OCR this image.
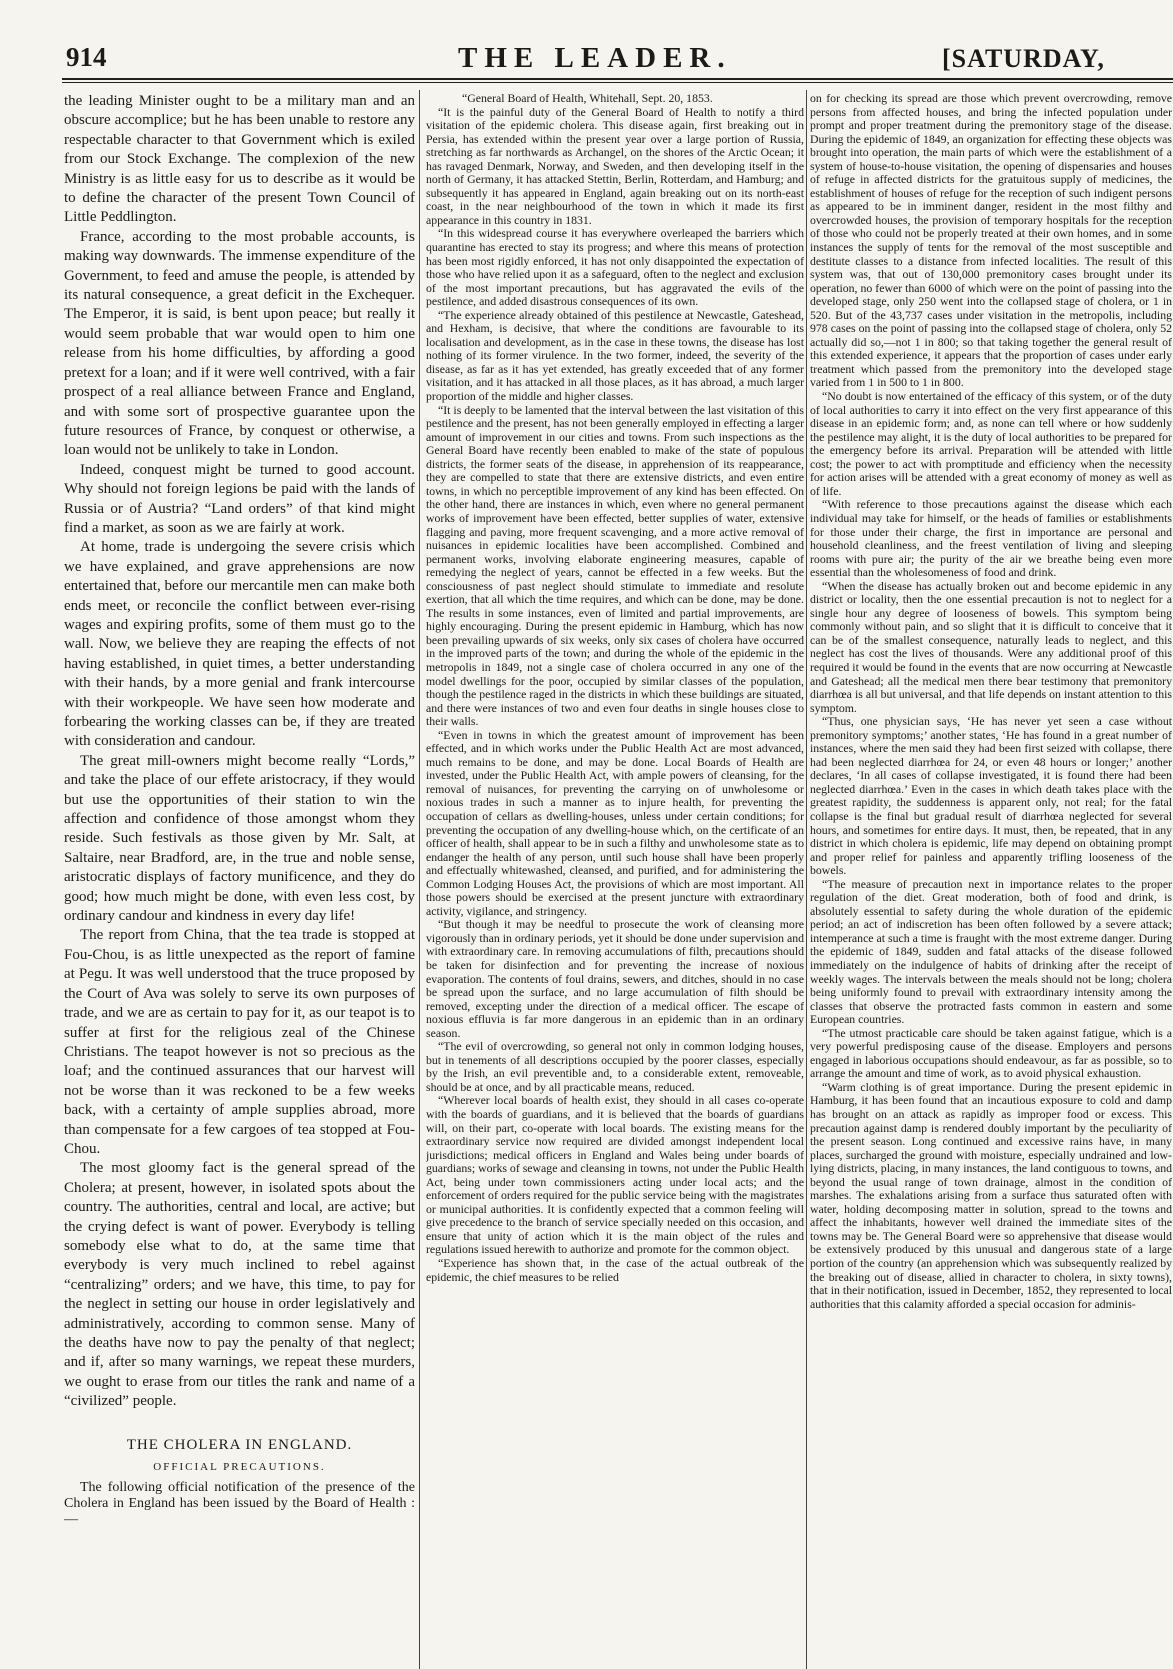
914	THE LEADER.	[SATURDAY,

the leading Minister ought to be a military man and an obscure accomplice; but he has been unable to restore any respectable character to that Government which is exiled from our Stock Exchange. The complexion of the new Ministry is as little easy for us to describe as it would be to define the character of the present Town Council of Little Peddlington.

France, according to the most probable accounts, is making way downwards. The immense expenditure of the Government, to feed and amuse the people, is attended by its natural consequence, a great deficit in the Exchequer. The Emperor, it is said, is bent upon peace; but really it would seem probable that war would open to him one release from his home difficulties, by affording a good pretext for a loan; and if it were well contrived, with a fair prospect of a real alliance between France and England, and with some sort of prospective guarantee upon the future resources of France, by conquest or otherwise, a loan would not be unlikely to take in London.

Indeed, conquest might be turned to good account. Why should not foreign legions be paid with the lands of Russia or of Austria? “Land orders” of that kind might find a market, as soon as we are fairly at work.

At home, trade is undergoing the severe crisis which we have explained, and grave apprehensions are now entertained that, before our mercantile men can make both ends meet, or reconcile the conflict between ever-rising wages and expiring profits, some of them must go to the wall. Now, we believe they are reaping the effects of not having established, in quiet times, a better understanding with their hands, by a more genial and frank intercourse with their workpeople. We have seen how moderate and forbearing the working classes can be, if they are treated with consideration and candour.

The great mill-owners might become really “Lords,” and take the place of our effete aristocracy, if they would but use the opportunities of their station to win the affection and confidence of those amongst whom they reside. Such festivals as those given by Mr. Salt, at Saltaire, near Bradford, are, in the true and noble sense, aristocratic displays of factory munificence, and they do good; how much might be done, with even less cost, by ordinary candour and kindness in every day life!

The report from China, that the tea trade is stopped at Fou-Chou, is as little unexpected as the report of famine at Pegu. It was well understood that the truce proposed by the Court of Ava was solely to serve its own purposes of trade, and we are as certain to pay for it, as our teapot is to suffer at first for the religious zeal of the Chinese Christians. The teapot however is not so precious as the loaf; and the continued assurances that our harvest will not be worse than it was reckoned to be a few weeks back, with a certainty of ample supplies abroad, more than compensate for a few cargoes of tea stopped at Fou-Chou.

The most gloomy fact is the general spread of the Cholera; at present, however, in isolated spots about the country. The authorities, central and local, are active; but the crying defect is want of power. Everybody is telling somebody else what to do, at the same time that everybody is very much inclined to rebel against “centralizing” orders; and we have, this time, to pay for the neglect in setting our house in order legislatively and administratively, according to common sense. Many of the deaths have now to pay the penalty of that neglect; and if, after so many warnings, we repeat these murders, we ought to erase from our titles the rank and name of a “civilized” people.

THE CHOLERA IN ENGLAND.

OFFICIAL PRECAUTIONS.

The following official notification of the presence of the Cholera in England has been issued by the Board of Health :—

“General Board of Health, Whitehall, Sept. 20, 1853.

“It is the painful duty of the General Board of Health to notify a third visitation of the epidemic cholera. This disease again, first breaking out in Persia, has extended within the present year over a large portion of Russia, stretching as far northwards as Archangel, on the shores of the Arctic Ocean; it has ravaged Denmark, Norway, and Sweden, and then developing itself in the north of Germany, it has attacked Stettin, Berlin, Rotterdam, and Hamburg; and subsequently it has appeared in England, again breaking out on its north-east coast, in the near neighbourhood of the town in which it made its first appearance in this country in 1831.

“In this widespread course it has everywhere overleaped the barriers which quarantine has erected to stay its progress; and where this means of protection has been most rigidly enforced, it has not only disappointed the expectation of those who have relied upon it as a safeguard, often to the neglect and exclusion of the most important precautions, but has aggravated the evils of the pestilence, and added disastrous consequences of its own.

“The experience already obtained of this pestilence at Newcastle, Gateshead, and Hexham, is decisive, that where the conditions are favourable to its localisation and development, as in the case in these towns, the disease has lost nothing of its former virulence. In the two former, indeed, the severity of the disease, as far as it has yet extended, has greatly exceeded that of any former visitation, and it has attacked in all those places, as it has abroad, a much larger proportion of the middle and higher classes.

“It is deeply to be lamented that the interval between the last visitation of this pestilence and the present, has not been generally employed in effecting a larger amount of improvement in our cities and towns. From such inspections as the General Board have recently been enabled to make of the state of populous districts, the former seats of the disease, in apprehension of its reappearance, they are compelled to state that there are extensive districts, and even entire towns, in which no perceptible improvement of any kind has been effected. On the other hand, there are instances in which, even where no general permanent works of improvement have been effected, better supplies of water, extensive flagging and paving, more frequent scavenging, and a more active removal of nuisances in epidemic localities have been accomplished. Combined and permanent works, involving elaborate engineering measures, capable of remedying the neglect of years, cannot be effected in a few weeks. But the consciousness of past neglect should stimulate to immediate and resolute exertion, that all which the time requires, and which can be done, may be done. The results in some instances, even of limited and partial improvements, are highly encouraging. During the present epidemic in Hamburg, which has now been prevailing upwards of six weeks, only six cases of cholera have occurred in the improved parts of the town; and during the whole of the epidemic in the metropolis in 1849, not a single case of cholera occurred in any one of the model dwellings for the poor, occupied by similar classes of the population, though the pestilence raged in the districts in which these buildings are situated, and there were instances of two and even four deaths in single houses close to their walls.

“Even in towns in which the greatest amount of improvement has been effected, and in which works under the Public Health Act are most advanced, much remains to be done, and may be done. Local Boards of Health are invested, under the Public Health Act, with ample powers of cleansing, for the removal of nuisances, for preventing the carrying on of unwholesome or noxious trades in such a manner as to injure health, for preventing the occupation of cellars as dwelling-houses, unless under certain conditions; for preventing the occupation of any dwelling-house which, on the certificate of an officer of health, shall appear to be in such a filthy and unwholesome state as to endanger the health of any person, until such house shall have been properly and effectually whitewashed, cleansed, and purified, and for administering the Common Lodging Houses Act, the provisions of which are most important. All those powers should be exercised at the present juncture with extraordinary activity, vigilance, and stringency.

“But though it may be needful to prosecute the work of cleansing more vigorously than in ordinary periods, yet it should be done under supervision and with extraordinary care. In removing accumulations of filth, precautions should be taken for disinfection and for preventing the increase of noxious evaporation. The contents of foul drains, sewers, and ditches, should in no case be spread upon the surface, and no large accumulation of filth should be removed, excepting under the direction of a medical officer. The escape of noxious effluvia is far more dangerous in an epidemic than in an ordinary season.

“The evil of overcrowding, so general not only in common lodging houses, but in tenements of all descriptions occupied by the poorer classes, especially by the Irish, an evil preventible and, to a considerable extent, removeable, should be at once, and by all practicable means, reduced.

“Wherever local boards of health exist, they should in all cases co-operate with the boards of guardians, and it is believed that the boards of guardians will, on their part, co-operate with local boards. The existing means for the extraordinary service now required are divided amongst independent local jurisdictions; medical officers in England and Wales being under boards of guardians; works of sewage and cleansing in towns, not under the Public Health Act, being under town commissioners acting under local acts; and the enforcement of orders required for the public service being with the magistrates or municipal authorities. It is confidently expected that a common feeling will give precedence to the branch of service specially needed on this occasion, and ensure that unity of action which it is the main object of the rules and regulations issued herewith to authorize and promote for the common object.

“Experience has shown that, in the case of the actual outbreak of the epidemic, the chief measures to be relied

on for checking its spread are those which prevent overcrowding, remove persons from affected houses, and bring the infected population under prompt and proper treatment during the premonitory stage of the disease. During the epidemic of 1849, an organization for effecting these objects was brought into operation, the main parts of which were the establishment of a system of house-to-house visitation, the opening of dispensaries and houses of refuge in affected districts for the gratuitous supply of medicines, the establishment of houses of refuge for the reception of such indigent persons as appeared to be in imminent danger, resident in the most filthy and overcrowded houses, the provision of temporary hospitals for the reception of those who could not be properly treated at their own homes, and in some instances the supply of tents for the removal of the most susceptible and destitute classes to a distance from infected localities. The result of this system was, that out of 130,000 premonitory cases brought under its operation, no fewer than 6000 of which were on the point of passing into the developed stage, only 250 went into the collapsed stage of cholera, or 1 in 520. But of the 43,737 cases under visitation in the metropolis, including 978 cases on the point of passing into the collapsed stage of cholera, only 52 actually did so,—not 1 in 800; so that taking together the general result of this extended experience, it appears that the proportion of cases under early treatment which passed from the premonitory into the developed stage varied from 1 in 500 to 1 in 800.

“No doubt is now entertained of the efficacy of this system, or of the duty of local authorities to carry it into effect on the very first appearance of this disease in an epidemic form; and, as none can tell where or how suddenly the pestilence may alight, it is the duty of local authorities to be prepared for the emergency before its arrival. Preparation will be attended with little cost; the power to act with promptitude and efficiency when the necessity for action arises will be attended with a great economy of money as well as of life.

“With reference to those precautions against the disease which each individual may take for himself, or the heads of families or establishments for those under their charge, the first in importance are personal and household cleanliness, and the freest ventilation of living and sleeping rooms with pure air; the purity of the air we breathe being even more essential than the wholesomeness of food and drink.

“When the disease has actually broken out and become epidemic in any district or locality, then the one essential precaution is not to neglect for a single hour any degree of looseness of bowels. This symptom being commonly without pain, and so slight that it is difficult to conceive that it can be of the smallest consequence, naturally leads to neglect, and this neglect has cost the lives of thousands. Were any additional proof of this required it would be found in the events that are now occurring at Newcastle and Gateshead; all the medical men there bear testimony that premonitory diarrhœa is all but universal, and that life depends on instant attention to this symptom.

“Thus, one physician says, ‘He has never yet seen a case without premonitory symptoms;’ another states, ‘He has found in a great number of instances, where the men said they had been first seized with collapse, there had been neglected diarrhœa for 24, or even 48 hours or longer;’ another declares, ‘In all cases of collapse investigated, it is found there had been neglected diarrhœa.’ Even in the cases in which death takes place with the greatest rapidity, the suddenness is apparent only, not real; for the fatal collapse is the final but gradual result of diarrhœa neglected for several hours, and sometimes for entire days. It must, then, be repeated, that in any district in which cholera is epidemic, life may depend on obtaining prompt and proper relief for painless and apparently trifling looseness of the bowels.

“The measure of precaution next in importance relates to the proper regulation of the diet. Great moderation, both of food and drink, is absolutely essential to safety during the whole duration of the epidemic period; an act of indiscretion has been often followed by a severe attack; intemperance at such a time is fraught with the most extreme danger. During the epidemic of 1849, sudden and fatal attacks of the disease followed immediately on the indulgence of habits of drinking after the receipt of weekly wages. The intervals between the meals should not be long; cholera being uniformly found to prevail with extraordinary intensity among the classes that observe the protracted fasts common in eastern and some European countries.

“The utmost practicable care should be taken against fatigue, which is a very powerful predisposing cause of the disease. Employers and persons engaged in laborious occupations should endeavour, as far as possible, so to arrange the amount and time of work, as to avoid physical exhaustion.

“Warm clothing is of great importance. During the present epidemic in Hamburg, it has been found that an incautious exposure to cold and damp has brought on an attack as rapidly as improper food or excess. This precaution against damp is rendered doubly important by the peculiarity of the present season. Long continued and excessive rains have, in many places, surcharged the ground with moisture, especially undrained and low-lying districts, placing, in many instances, the land contiguous to towns, and beyond the usual range of town drainage, almost in the condition of marshes. The exhalations arising from a surface thus saturated often with water, holding decomposing matter in solution, spread to the towns and affect the inhabitants, however well drained the immediate sites of the towns may be. The General Board were so apprehensive that disease would be extensively produced by this unusual and dangerous state of a large portion of the country (an apprehension which was subsequently realized by the breaking out of disease, allied in character to cholera, in sixty towns), that in their notification, issued in December, 1852, they represented to local authorities that this calamity afforded a special occasion for adminis-
